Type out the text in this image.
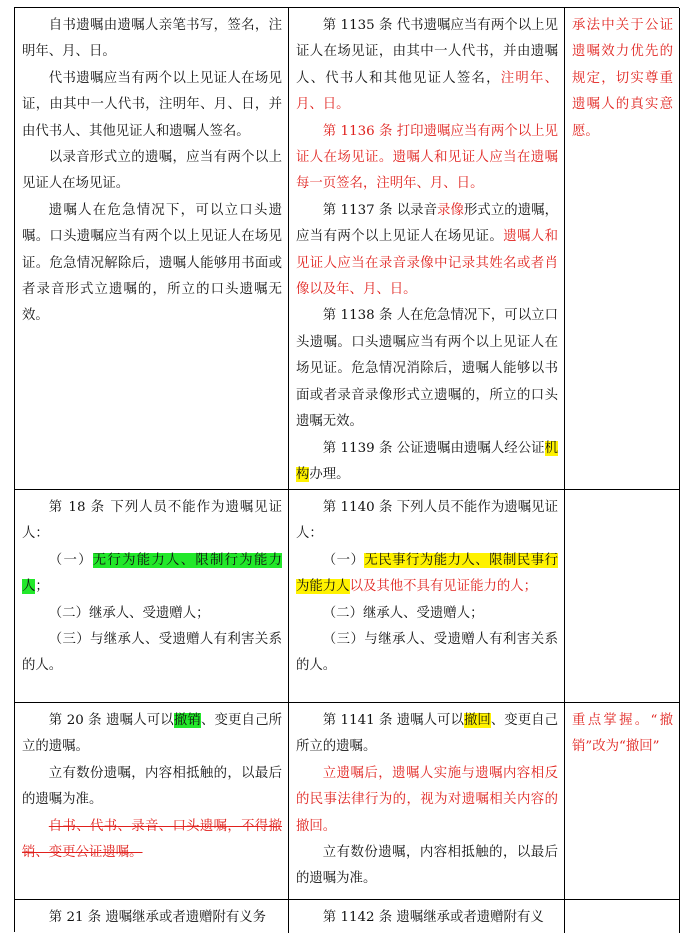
自书遗嘱由遗嘱人亲笔书写，签名，注明年、月、日。

代书遗嘱应当有两个以上见证人在场见证，由其中一人代书，注明年、月、日，并由代书人、其他见证人和遗嘱人签名。

以录音形式立的遗嘱，应当有两个以上见证人在场见证。

遗嘱人在危急情况下，可以立口头遗嘱。口头遗嘱应当有两个以上见证人在场见证。危急情况解除后，遗嘱人能够用书面或者录音形式立遗嘱的，所立的口头遗嘱无效。

第 1135 条 代书遗嘱应当有两个以上见证人在场见证，由其中一人代书，并由遗嘱人、代书人和其他见证人签名，注明年、月、日。

第 1136 条 打印遗嘱应当有两个以上见证人在场见证。遗嘱人和见证人应当在遗嘱每一页签名，注明年、月、日。

第 1137 条 以录音录像形式立的遗嘱，应当有两个以上见证人在场见证。遗嘱人和见证人应当在录音录像中记录其姓名或者肖像以及年、月、日。

第 1138 条 人在危急情况下，可以立口头遗嘱。口头遗嘱应当有两个以上见证人在场见证。危急情况消除后，遗嘱人能够以书面或者录音录像形式立遗嘱的，所立的口头遗嘱无效。

第 1139 条 公证遗嘱由遗嘱人经公证机构办理。

承法中关于公证遗嘱效力优先的规定，切实尊重遗嘱人的真实意愿。

第 18 条 下列人员不能作为遗嘱见证人：

（一）无行为能力人、限制行为能力人；

（二）继承人、受遗赠人；

（三）与继承人、受遗赠人有利害关系的人。

第 1140 条 下列人员不能作为遗嘱见证人：

（一）无民事行为能力人、限制民事行为能力人以及其他不具有见证能力的人；

（二）继承人、受遗赠人；

（三）与继承人、受遗赠人有利害关系的人。

第 20 条 遗嘱人可以撤销、变更自己所立的遗嘱。

立有数份遗嘱，内容相抵触的，以最后的遗嘱为准。

自书、代书、录音、口头遗嘱，不得撤销、变更公证遗嘱。

第 1141 条 遗嘱人可以撤回、变更自己所立的遗嘱。

立遗嘱后，遗嘱人实施与遗嘱内容相反的民事法律行为的，视为对遗嘱相关内容的撤回。

立有数份遗嘱，内容相抵触的，以最后的遗嘱为准。

重点掌握。“撤销”改为“撤回”

第 21 条 遗嘱继承或者遗赠附有义务	第 1142 条 遗嘱继承或者遗赠附有义
